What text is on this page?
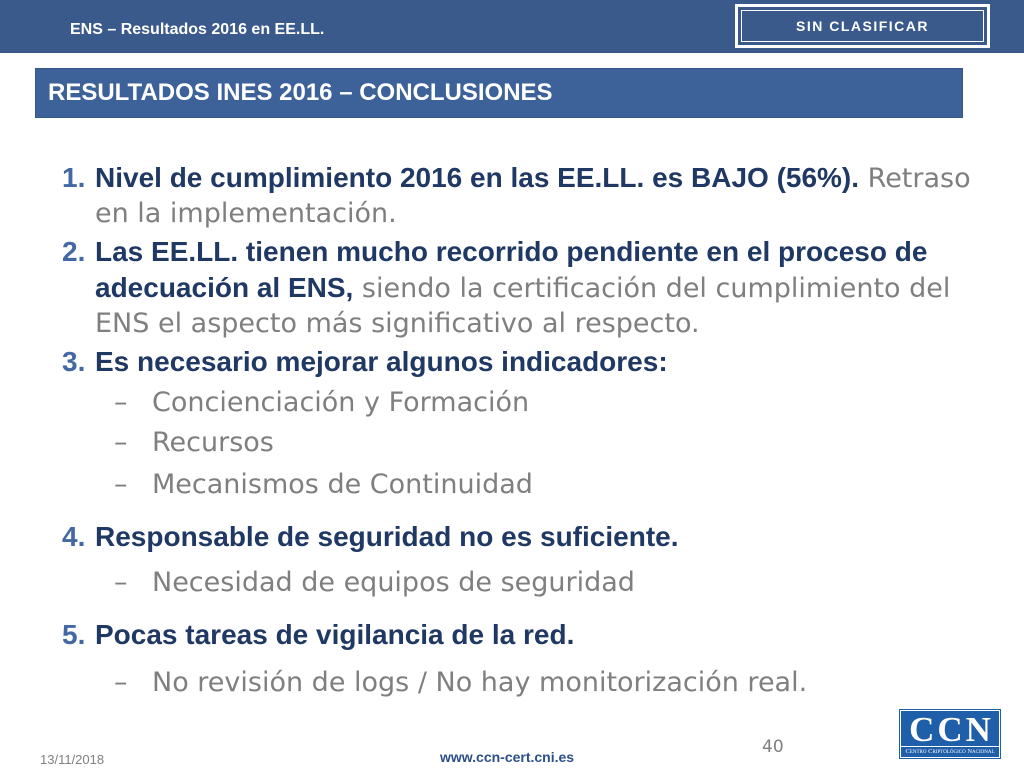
ENS – Resultados 2016 en EE.LL.	SIN CLASIFICAR
RESULTADOS INES 2016 – CONCLUSIONES
1. Nivel de cumplimiento 2016 en las EE.LL. es BAJO (56%). Retraso en la implementación.
2. Las EE.LL. tienen mucho recorrido pendiente en el proceso de adecuación al ENS, siendo la certificación del cumplimiento del ENS el aspecto más significativo al respecto.
3. Es necesario mejorar algunos indicadores:
– Concienciación y Formación
– Recursos
– Mecanismos de Continuidad
4. Responsable de seguridad no es suficiente.
– Necesidad de equipos de seguridad
5. Pocas tareas de vigilancia de la red.
– No revisión de logs / No hay monitorización real.
13/11/2018	www.ccn-cert.cni.es	40	CCN
Centro Criptológico Nacional
